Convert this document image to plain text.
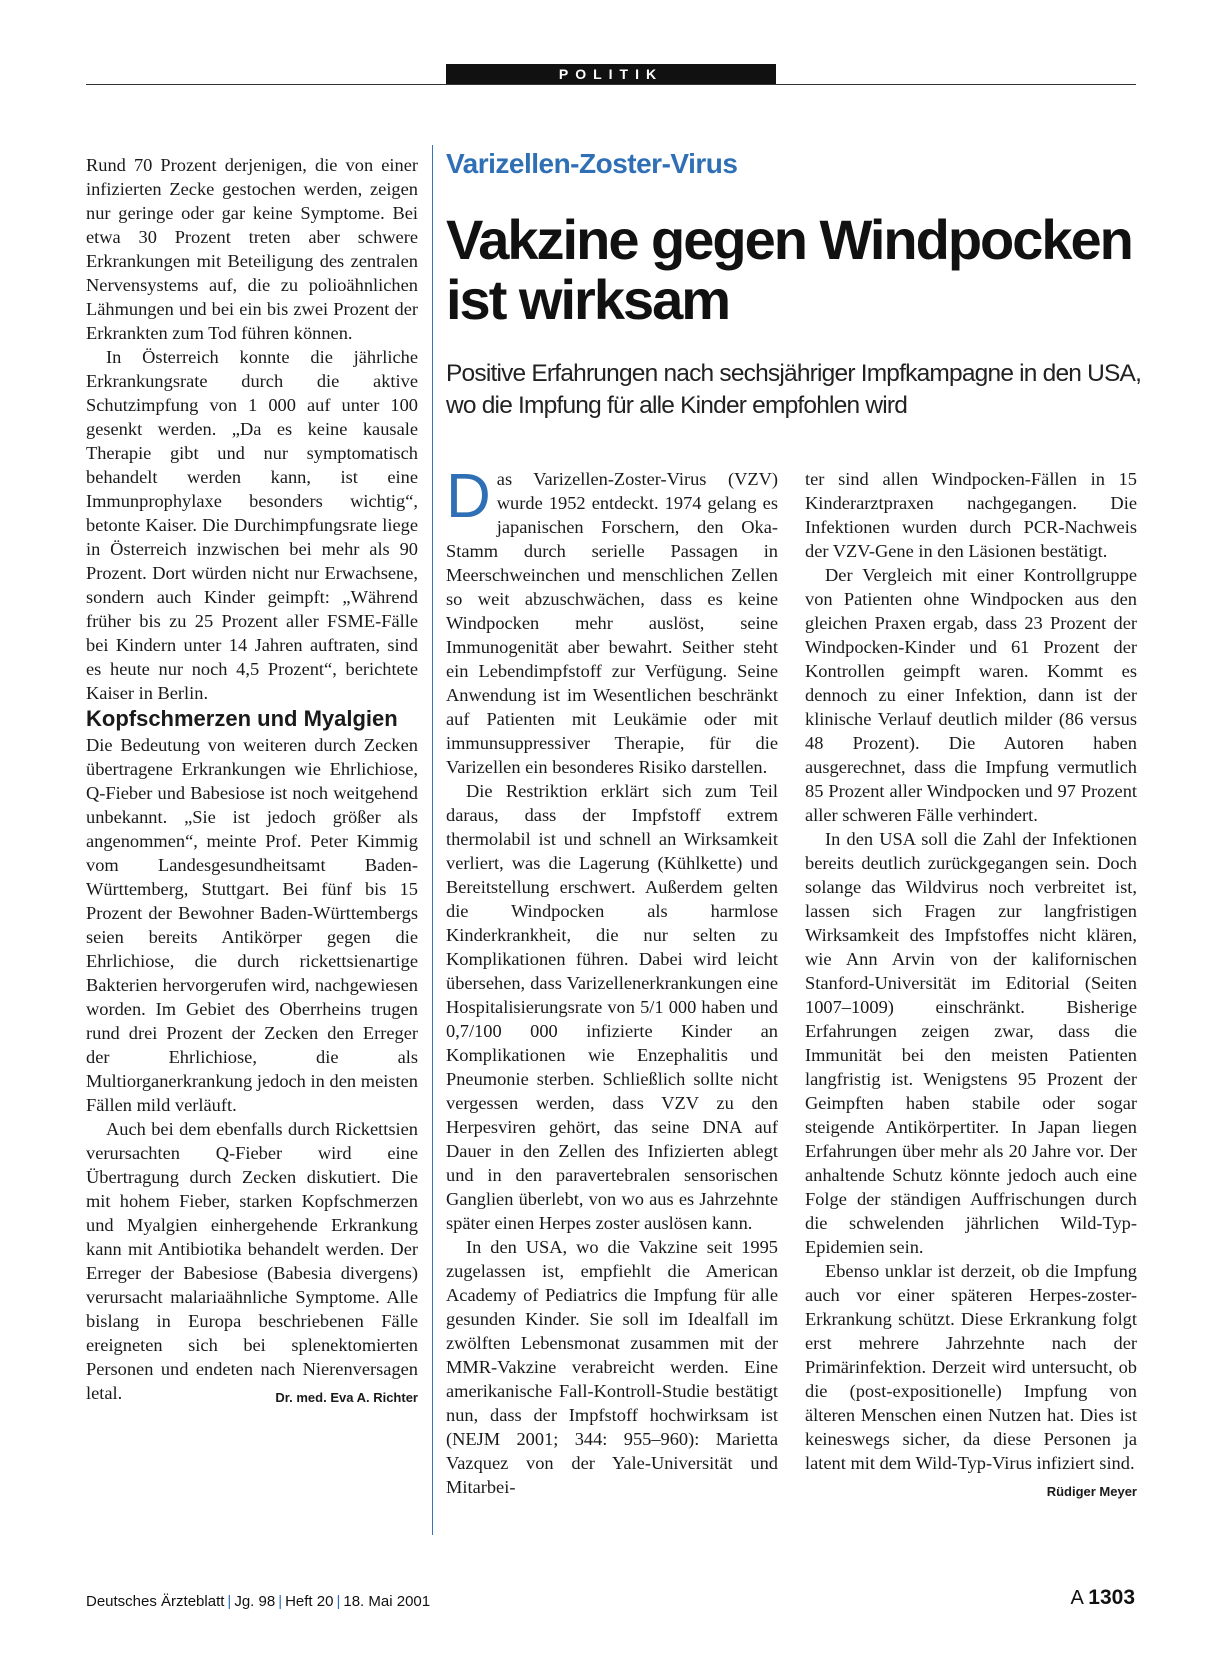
POLITIK

Rund 70 Prozent derjenigen, die von einer infizierten Zecke gestochen werden, zeigen nur geringe oder gar keine Symptome. Bei etwa 30 Prozent treten aber schwere Erkrankungen mit Beteiligung des zentralen Nervensystems auf, die zu polioähnlichen Lähmungen und bei ein bis zwei Prozent der Erkrankten zum Tod führen können.

In Österreich konnte die jährliche Erkrankungsrate durch die aktive Schutzimpfung von 1 000 auf unter 100 gesenkt werden. „Da es keine kausale Therapie gibt und nur symptomatisch behandelt werden kann, ist eine Immunprophylaxe besonders wichtig“, betonte Kaiser. Die Durchimpfungsrate liege in Österreich inzwischen bei mehr als 90 Prozent. Dort würden nicht nur Erwachsene, sondern auch Kinder geimpft: „Während früher bis zu 25 Prozent aller FSME-Fälle bei Kindern unter 14 Jahren auftraten, sind es heute nur noch 4,5 Prozent“, berichtete Kaiser in Berlin.

Kopfschmerzen und Myalgien

Die Bedeutung von weiteren durch Zecken übertragene Erkrankungen wie Ehrlichiose, Q-Fieber und Babesiose ist noch weitgehend unbekannt. „Sie ist jedoch größer als angenommen“, meinte Prof. Peter Kimmig vom Landesgesundheitsamt Baden-Württemberg, Stuttgart. Bei fünf bis 15 Prozent der Bewohner Baden-Württembergs seien bereits Antikörper gegen die Ehrlichiose, die durch rickettsienartige Bakterien hervorgerufen wird, nachgewiesen worden. Im Gebiet des Oberrheins trugen rund drei Prozent der Zecken den Erreger der Ehrlichiose, die als Multiorganerkrankung jedoch in den meisten Fällen mild verläuft.

Auch bei dem ebenfalls durch Rickettsien verursachten Q-Fieber wird eine Übertragung durch Zecken diskutiert. Die mit hohem Fieber, starken Kopfschmerzen und Myalgien einhergehende Erkrankung kann mit Antibiotika behandelt werden. Der Erreger der Babesiose (Babesia divergens) verursacht malariaähnliche Symptome. Alle bislang in Europa beschriebenen Fälle ereigneten sich bei splenektomierten Personen und endeten nach Nierenversagen letal.	Dr. med. Eva A. Richter

Varizellen-Zoster-Virus
Vakzine gegen Windpocken ist wirksam
Positive Erfahrungen nach sechsjähriger Impfkampagne in den USA, wo die Impfung für alle Kinder empfohlen wird

Das Varizellen-Zoster-Virus (VZV) wurde 1952 entdeckt. 1974 gelang es japanischen Forschern, den Oka-Stamm durch serielle Passagen in Meerschweinchen und menschlichen Zellen so weit abzuschwächen, dass es keine Windpocken mehr auslöst, seine Immunogenität aber bewahrt. Seither steht ein Lebendimpfstoff zur Verfügung. Seine Anwendung ist im Wesentlichen beschränkt auf Patienten mit Leukämie oder mit immunsuppressiver Therapie, für die Varizellen ein besonderes Risiko darstellen.

Die Restriktion erklärt sich zum Teil daraus, dass der Impfstoff extrem thermolabil ist und schnell an Wirksamkeit verliert, was die Lagerung (Kühlkette) und Bereitstellung erschwert. Außerdem gelten die Windpocken als harmlose Kinderkrankheit, die nur selten zu Komplikationen führen. Dabei wird leicht übersehen, dass Varizellenerkrankungen eine Hospitalisierungsrate von 5/1 000 haben und 0,7/100 000 infizierte Kinder an Komplikationen wie Enzephalitis und Pneumonie sterben. Schließlich sollte nicht vergessen werden, dass VZV zu den Herpesviren gehört, das seine DNA auf Dauer in den Zellen des Infizierten ablegt und in den paravertebralen sensorischen Ganglien überlebt, von wo aus es Jahrzehnte später einen Herpes zoster auslösen kann.

In den USA, wo die Vakzine seit 1995 zugelassen ist, empfiehlt die American Academy of Pediatrics die Impfung für alle gesunden Kinder. Sie soll im Idealfall im zwölften Lebensmonat zusammen mit der MMR-Vakzine verabreicht werden. Eine amerikanische Fall-Kontroll-Studie bestätigt nun, dass der Impfstoff hochwirksam ist (NEJM 2001; 344: 955–960): Marietta Vazquez von der Yale-Universität und Mitarbei-

ter sind allen Windpocken-Fällen in 15 Kinderarztpraxen nachgegangen. Die Infektionen wurden durch PCR-Nachweis der VZV-Gene in den Läsionen bestätigt.

Der Vergleich mit einer Kontrollgruppe von Patienten ohne Windpocken aus den gleichen Praxen ergab, dass 23 Prozent der Windpocken-Kinder und 61 Prozent der Kontrollen geimpft waren. Kommt es dennoch zu einer Infektion, dann ist der klinische Verlauf deutlich milder (86 versus 48 Prozent). Die Autoren haben ausgerechnet, dass die Impfung vermutlich 85 Prozent aller Windpocken und 97 Prozent aller schweren Fälle verhindert.

In den USA soll die Zahl der Infektionen bereits deutlich zurückgegangen sein. Doch solange das Wildvirus noch verbreitet ist, lassen sich Fragen zur langfristigen Wirksamkeit des Impfstoffes nicht klären, wie Ann Arvin von der kalifornischen Stanford-Universität im Editorial (Seiten 1007–1009) einschränkt. Bisherige Erfahrungen zeigen zwar, dass die Immunität bei den meisten Patienten langfristig ist. Wenigstens 95 Prozent der Geimpften haben stabile oder sogar steigende Antikörpertiter. In Japan liegen Erfahrungen über mehr als 20 Jahre vor. Der anhaltende Schutz könnte jedoch auch eine Folge der ständigen Auffrischungen durch die schwelenden jährlichen Wild-Typ-Epidemien sein.

Ebenso unklar ist derzeit, ob die Impfung auch vor einer späteren Herpes-zoster-Erkrankung schützt. Diese Erkrankung folgt erst mehrere Jahrzehnte nach der Primärinfektion. Derzeit wird untersucht, ob die (post-expositionelle) Impfung von älteren Menschen einen Nutzen hat. Dies ist keineswegs sicher, da diese Personen ja latent mit dem Wild-Typ-Virus infiziert sind.
Rüdiger Meyer

Deutsches Ärzteblatt | Jg. 98 | Heft 20 | 18. Mai 2001	A 1303
